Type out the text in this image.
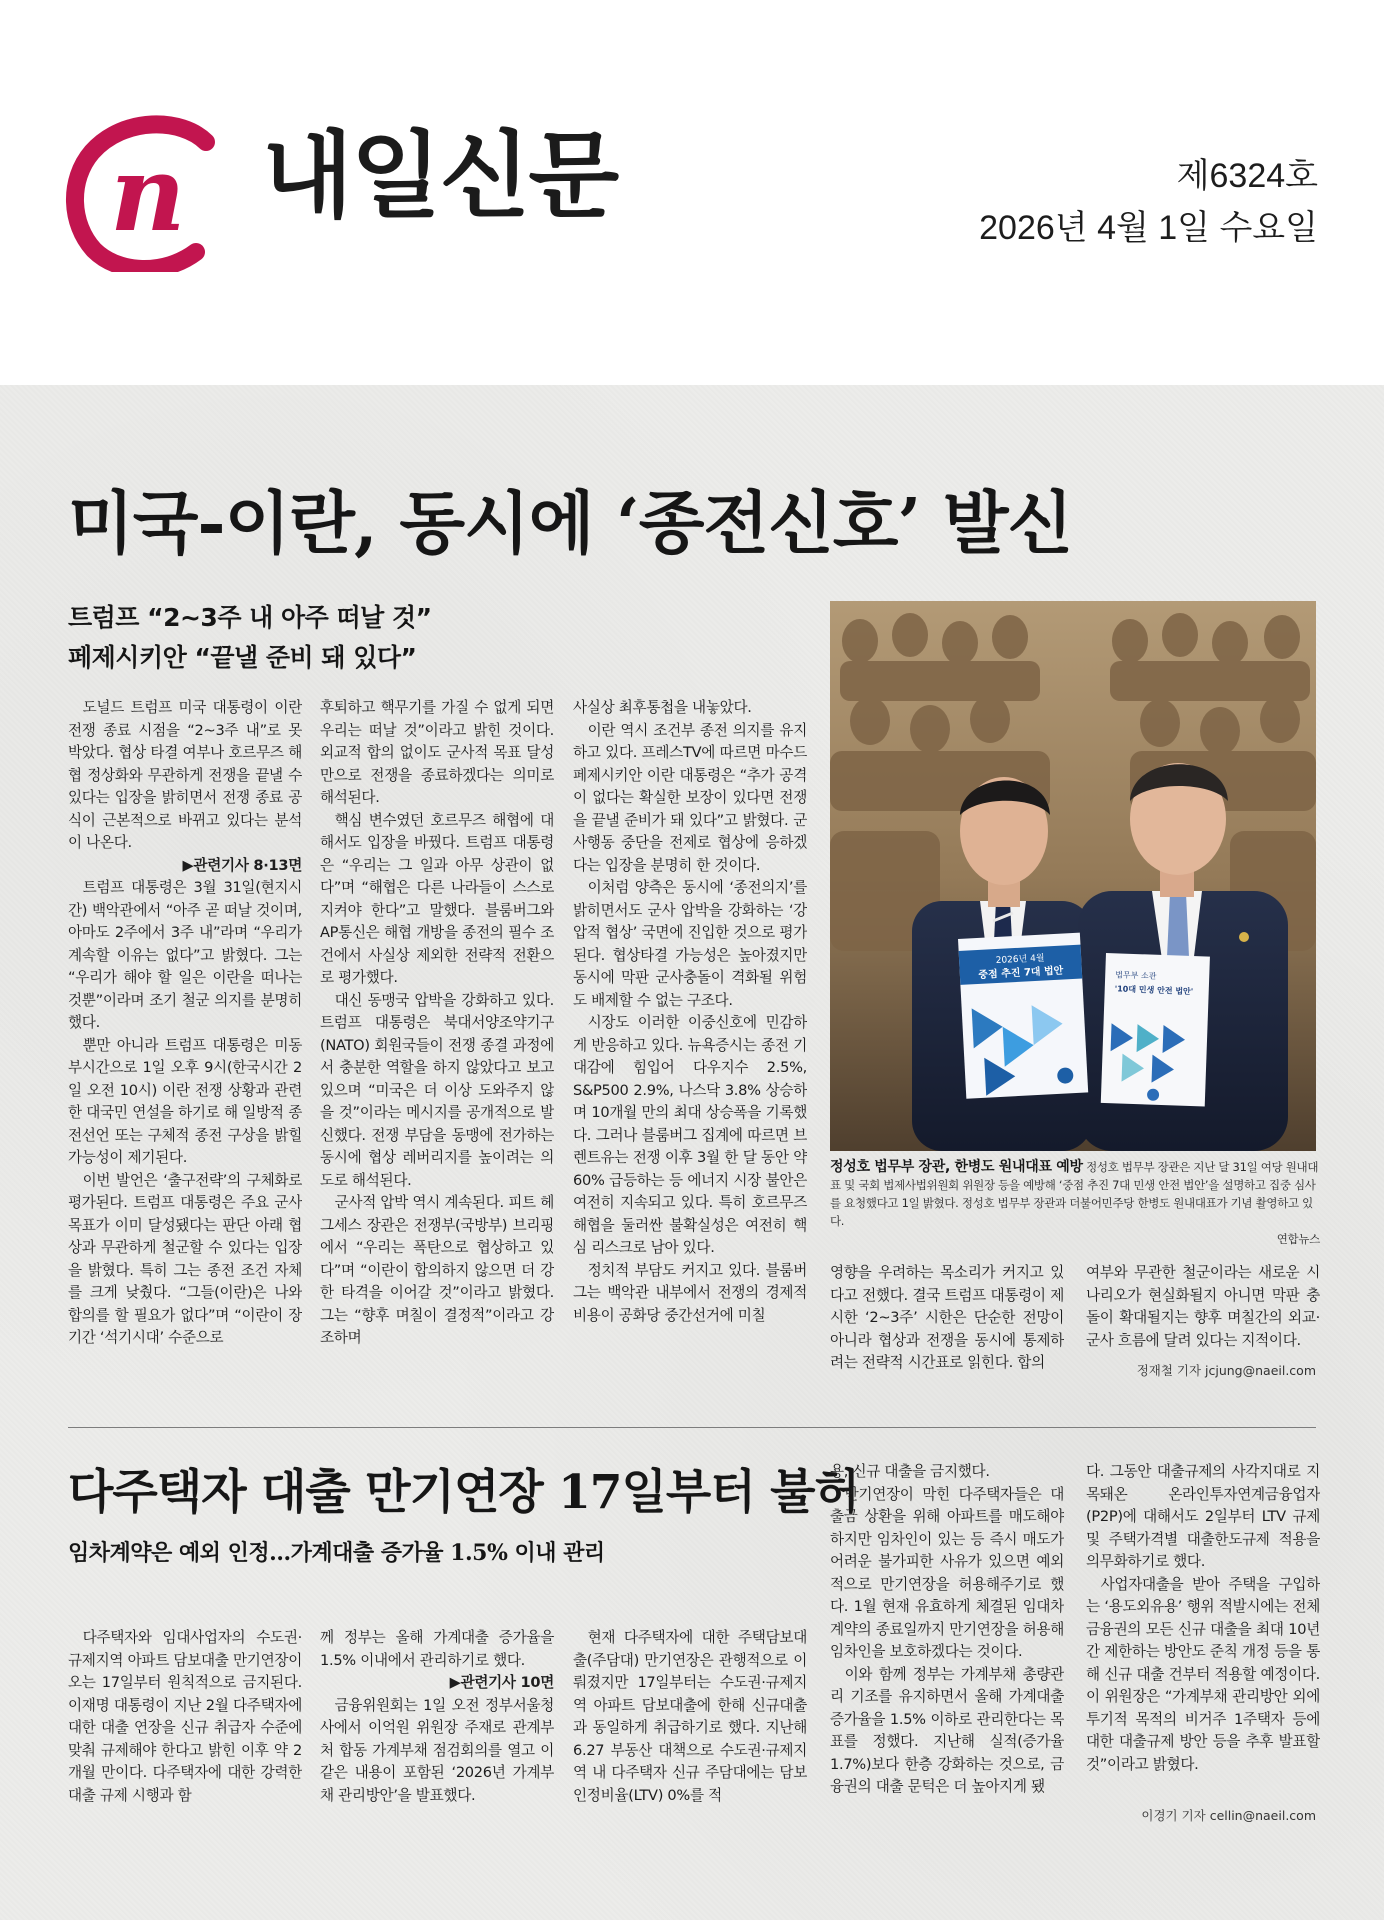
n 내일신문	제6324호
2026년 4월 1일 수요일
미국-이란, 동시에 ‘종전신호’ 발신
트럼프 “2~3주 내 아주 떠날 것”
페제시키안 “끝낼 준비 돼 있다”

도널드 트럼프 미국 대통령이 이란 전쟁 종료 시점을 “2~3주 내”로 못 박았다. 협상 타결 여부나 호르무즈 해협 정상화와 무관하게 전쟁을 끝낼 수 있다는 입장을 밝히면서 전쟁 종료 공식이 근본적으로 바뀌고 있다는 분석이 나온다.

▶관련기사 8·13면

트럼프 대통령은 3월 31일(현지시간) 백악관에서 “아주 곧 떠날 것이며, 아마도 2주에서 3주 내”라며 “우리가 계속할 이유는 없다”고 밝혔다. 그는 “우리가 해야 할 일은 이란을 떠나는 것뿐”이라며 조기 철군 의지를 분명히 했다.

뿐만 아니라 트럼프 대통령은 미동부시간으로 1일 오후 9시(한국시간 2일 오전 10시) 이란 전쟁 상황과 관련한 대국민 연설을 하기로 해 일방적 종전선언 또는 구체적 종전 구상을 밝힐 가능성이 제기된다.

이번 발언은 ‘출구전략’의 구체화로 평가된다. 트럼프 대통령은 주요 군사 목표가 이미 달성됐다는 판단 아래 협상과 무관하게 철군할 수 있다는 입장을 밝혔다. 특히 그는 종전 조건 자체를 크게 낮췄다. “그들(이란)은 나와 합의를 할 필요가 없다”며 “이란이 장기간 ‘석기시대’ 수준으로

후퇴하고 핵무기를 가질 수 없게 되면 우리는 떠날 것”이라고 밝힌 것이다. 외교적 합의 없이도 군사적 목표 달성만으로 전쟁을 종료하겠다는 의미로 해석된다.

핵심 변수였던 호르무즈 해협에 대해서도 입장을 바꿨다. 트럼프 대통령은 “우리는 그 일과 아무 상관이 없다”며 “해협은 다른 나라들이 스스로 지켜야 한다”고 말했다. 블룸버그와 AP통신은 해협 개방을 종전의 필수 조건에서 사실상 제외한 전략적 전환으로 평가했다.

대신 동맹국 압박을 강화하고 있다. 트럼프 대통령은 북대서양조약기구(NATO) 회원국들이 전쟁 종결 과정에서 충분한 역할을 하지 않았다고 보고 있으며 “미국은 더 이상 도와주지 않을 것”이라는 메시지를 공개적으로 발신했다. 전쟁 부담을 동맹에 전가하는 동시에 협상 레버리지를 높이려는 의도로 해석된다.

군사적 압박 역시 계속된다. 피트 헤그세스 장관은 전쟁부(국방부) 브리핑에서 “우리는 폭탄으로 협상하고 있다”며 “이란이 합의하지 않으면 더 강한 타격을 이어갈 것”이라고 밝혔다. 그는 “향후 며칠이 결정적”이라고 강조하며

사실상 최후통첩을 내놓았다.

이란 역시 조건부 종전 의지를 유지하고 있다. 프레스TV에 따르면 마수드 페제시키안 이란 대통령은 “추가 공격이 없다는 확실한 보장이 있다면 전쟁을 끝낼 준비가 돼 있다”고 밝혔다. 군사행동 중단을 전제로 협상에 응하겠다는 입장을 분명히 한 것이다.

이처럼 양측은 동시에 ‘종전의지’를 밝히면서도 군사 압박을 강화하는 ‘강압적 협상’ 국면에 진입한 것으로 평가된다. 협상타결 가능성은 높아졌지만 동시에 막판 군사충돌이 격화될 위험도 배제할 수 없는 구조다.

시장도 이러한 이중신호에 민감하게 반응하고 있다. 뉴욕증시는 종전 기대감에 힘입어 다우지수 2.5%, S&P500 2.9%, 나스닥 3.8% 상승하며 10개월 만의 최대 상승폭을 기록했다. 그러나 블룸버그 집계에 따르면 브렌트유는 전쟁 이후 3월 한 달 동안 약 60% 급등하는 등 에너지 시장 불안은 여전히 지속되고 있다. 특히 호르무즈 해협을 둘러싼 불확실성은 여전히 핵심 리스크로 남아 있다.

정치적 부담도 커지고 있다. 블룸버그는 백악관 내부에서 전쟁의 경제적 비용이 공화당 중간선거에 미칠

2026년 4월
중점 추진 7대 법안	법무부 소관
'10대 민생 안전 법안'
정성호 법무부 장관, 한병도 원내대표 예방 정성호 법무부 장관은 지난 달 31일 여당 원내대표 및 국회 법제사법위원회 위원장 등을 예방해 ‘중점 추진 7대 민생 안전 법안’을 설명하고 집중 심사를 요청했다고 1일 밝혔다. 정성호 법무부 장관과 더불어민주당 한병도 원내대표가 기념 촬영하고 있다.
연합뉴스
영향을 우려하는 목소리가 커지고 있다고 전했다. 결국 트럼프 대통령이 제시한 ‘2~3주’ 시한은 단순한 전망이 아니라 협상과 전쟁을 동시에 통제하려는 전략적 시간표로 읽힌다. 합의
여부와 무관한 철군이라는 새로운 시나리오가 현실화될지 아니면 막판 충돌이 확대될지는 향후 며칠간의 외교·군사 흐름에 달려 있다는 지적이다.
정재철 기자 jcjung@naeil.com
다주택자 대출 만기연장 17일부터 불허
임차계약은 예외 인정…가계대출 증가율 1.5% 이내 관리

다주택자와 임대사업자의 수도권·규제지역 아파트 담보대출 만기연장이 오는 17일부터 원칙적으로 금지된다. 이재명 대통령이 지난 2월 다주택자에 대한 대출 연장을 신규 취급자 수준에 맞춰 규제해야 한다고 밝힌 이후 약 2개월 만이다. 다주택자에 대한 강력한 대출 규제 시행과 함

께 정부는 올해 가계대출 증가율을 1.5% 이내에서 관리하기로 했다.

▶관련기사 10면

금융위원회는 1일 오전 정부서울청사에서 이억원 위원장 주재로 관계부처 합동 가계부채 점검회의를 열고 이 같은 내용이 포함된 ‘2026년 가계부채 관리방안’을 발표했다.

현재 다주택자에 대한 주택담보대출(주담대) 만기연장은 관행적으로 이뤄졌지만 17일부터는 수도권·규제지역 아파트 담보대출에 한해 신규대출과 동일하게 취급하기로 했다. 지난해 6.27 부동산 대책으로 수도권·규제지역 내 다주택자 신규 주담대에는 담보인정비율(LTV) 0%를 적

용, 신규 대출을 금지했다.

만기연장이 막힌 다주택자들은 대출금 상환을 위해 아파트를 매도해야 하지만 임차인이 있는 등 즉시 매도가 어려운 불가피한 사유가 있으면 예외적으로 만기연장을 허용해주기로 했다. 1월 현재 유효하게 체결된 임대차계약의 종료일까지 만기연장을 허용해 임차인을 보호하겠다는 것이다.

이와 함께 정부는 가계부채 총량관리 기조를 유지하면서 올해 가계대출 증가율을 1.5% 이하로 관리한다는 목표를 정했다. 지난해 실적(증가율 1.7%)보다 한층 강화하는 것으로, 금융권의 대출 문턱은 더 높아지게 됐

다. 그동안 대출규제의 사각지대로 지목돼온 온라인투자연계금융업자(P2P)에 대해서도 2일부터 LTV 규제 및 주택가격별 대출한도규제 적용을 의무화하기로 했다.

사업자대출을 받아 주택을 구입하는 ‘용도외유용’ 행위 적발시에는 전체 금융권의 모든 신규 대출을 최대 10년간 제한하는 방안도 준칙 개정 등을 통해 신규 대출 건부터 적용할 예정이다. 이 위원장은 “가계부채 관리방안 외에 투기적 목적의 비거주 1주택자 등에 대한 대출규제 방안 등을 추후 발표할 것”이라고 밝혔다.

이경기 기자 cellin@naeil.com
